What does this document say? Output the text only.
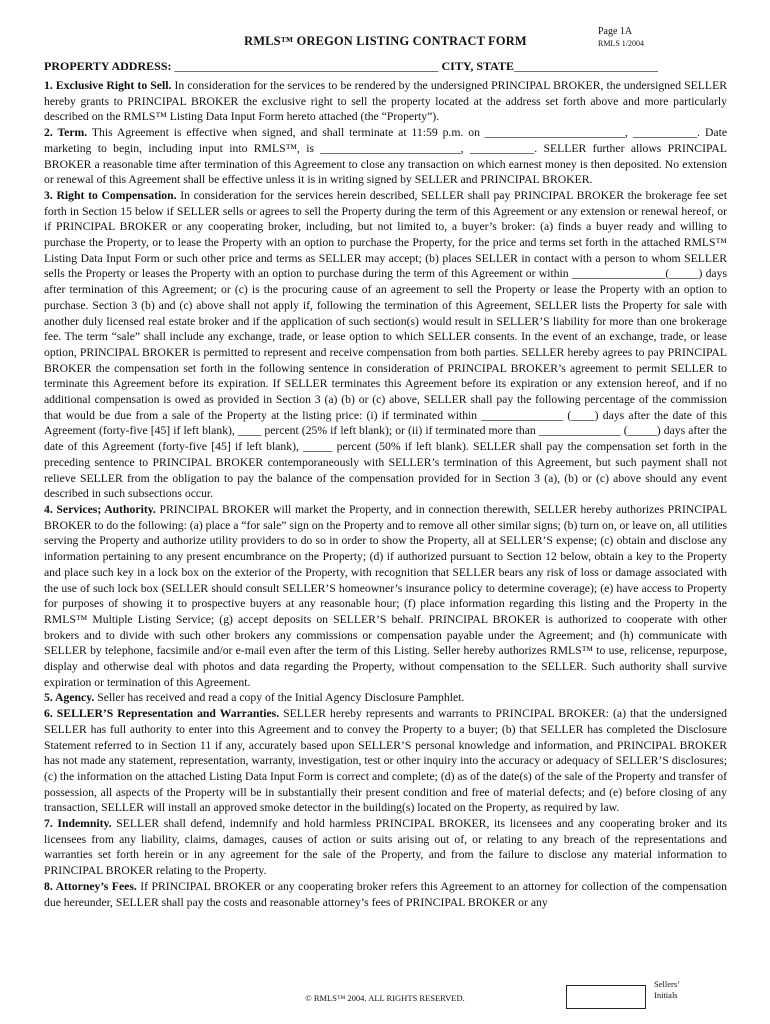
RMLS™ OREGON LISTING CONTRACT FORM
Page 1A
RMLS 1/2004
PROPERTY ADDRESS: ____________________________________________ CITY, STATE________________________

1. Exclusive Right to Sell. In consideration for the services to be rendered by the undersigned PRINCIPAL BROKER, the undersigned SELLER hereby grants to PRINCIPAL BROKER the exclusive right to sell the property located at the address set forth above and more particularly described on the RMLS™ Listing Data Input Form hereto attached (the “Property”).

2. Term. This Agreement is effective when signed, and shall terminate at 11:59 p.m. on ________________________, ___________. Date marketing to begin, including input into RMLS™, is ________________________, ___________. SELLER further allows PRINCIPAL BROKER a reasonable time after termination of this Agreement to close any transaction on which earnest money is then deposited. No extension or renewal of this Agreement shall be effective unless it is in writing signed by SELLER and PRINCIPAL BROKER.

3. Right to Compensation. In consideration for the services herein described, SELLER shall pay PRINCIPAL BROKER the brokerage fee set forth in Section 15 below if SELLER sells or agrees to sell the Property during the term of this Agreement or any extension or renewal hereof, or if PRINCIPAL BROKER or any cooperating broker, including, but not limited to, a buyer’s broker: (a) finds a buyer ready and willing to purchase the Property, or to lease the Property with an option to purchase the Property, for the price and terms set forth in the attached RMLS™ Listing Data Input Form or such other price and terms as SELLER may accept; (b) places SELLER in contact with a person to whom SELLER sells the Property or leases the Property with an option to purchase during the term of this Agreement or within ________________(_____) days after termination of this Agreement; or (c) is the procuring cause of an agreement to sell the Property or lease the Property with an option to purchase. Section 3 (b) and (c) above shall not apply if, following the termination of this Agreement, SELLER lists the Property for sale with another duly licensed real estate broker and if the application of such section(s) would result in SELLER’S liability for more than one brokerage fee. The term “sale” shall include any exchange, trade, or lease option to which SELLER consents. In the event of an exchange, trade, or lease option, PRINCIPAL BROKER is permitted to represent and receive compensation from both parties. SELLER hereby agrees to pay PRINCIPAL BROKER the compensation set forth in the following sentence in consideration of PRINCIPAL BROKER’s agreement to permit SELLER to terminate this Agreement before its expiration. If SELLER terminates this Agreement before its expiration or any extension hereof, and if no additional compensation is owed as provided in Section 3 (a) (b) or (c) above, SELLER shall pay the following percentage of the commission that would be due from a sale of the Property at the listing price: (i) if terminated within ______________ (____) days after the date of this Agreement (forty-five [45] if left blank), ____ percent (25% if left blank); or (ii) if terminated more than ______________ (_____) days after the date of this Agreement (forty-five [45] if left blank), _____ percent (50% if left blank). SELLER shall pay the compensation set forth in the preceding sentence to PRINCIPAL BROKER contemporaneously with SELLER’s termination of this Agreement, but such payment shall not relieve SELLER from the obligation to pay the balance of the compensation provided for in Section 3 (a), (b) or (c) above should any event described in such subsections occur.

4. Services; Authority. PRINCIPAL BROKER will market the Property, and in connection therewith, SELLER hereby authorizes PRINCIPAL BROKER to do the following: (a) place a “for sale” sign on the Property and to remove all other similar signs; (b) turn on, or leave on, all utilities serving the Property and authorize utility providers to do so in order to show the Property, all at SELLER’S expense; (c) obtain and disclose any information pertaining to any present encumbrance on the Property; (d) if authorized pursuant to Section 12 below, obtain a key to the Property and place such key in a lock box on the exterior of the Property, with recognition that SELLER bears any risk of loss or damage associated with the use of such lock box (SELLER should consult SELLER’S homeowner’s insurance policy to determine coverage); (e) have access to Property for purposes of showing it to prospective buyers at any reasonable hour; (f) place information regarding this listing and the Property in the RMLS™ Multiple Listing Service; (g) accept deposits on SELLER’S behalf. PRINCIPAL BROKER is authorized to cooperate with other brokers and to divide with such other brokers any commissions or compensation payable under the Agreement; and (h) communicate with SELLER by telephone, facsimile and/or e-mail even after the term of this Listing. Seller hereby authorizes RMLS™ to use, relicense, repurpose, display and otherwise deal with photos and data regarding the Property, without compensation to the SELLER. Such authority shall survive expiration or termination of this Agreement.

5. Agency. Seller has received and read a copy of the Initial Agency Disclosure Pamphlet.

6. SELLER’S Representation and Warranties. SELLER hereby represents and warrants to PRINCIPAL BROKER: (a) that the undersigned SELLER has full authority to enter into this Agreement and to convey the Property to a buyer; (b) that SELLER has completed the Disclosure Statement referred to in Section 11 if any, accurately based upon SELLER’S personal knowledge and information, and PRINCIPAL BROKER has not made any statement, representation, warranty, investigation, test or other inquiry into the accuracy or adequacy of SELLER’S disclosures; (c) the information on the attached Listing Data Input Form is correct and complete; (d) as of the date(s) of the sale of the Property and transfer of possession, all aspects of the Property will be in substantially their present condition and free of material defects; and (e) before closing of any transaction, SELLER will install an approved smoke detector in the building(s) located on the Property, as required by law.

7. Indemnity. SELLER shall defend, indemnify and hold harmless PRINCIPAL BROKER, its licensees and any cooperating broker and its licensees from any liability, claims, damages, causes of action or suits arising out of, or relating to any breach of the representations and warranties set forth herein or in any agreement for the sale of the Property, and from the failure to disclose any material information to PRINCIPAL BROKER relating to the Property.

8. Attorney’s Fees. If PRINCIPAL BROKER or any cooperating broker refers this Agreement to an attorney for collection of the compensation due hereunder, SELLER shall pay the costs and reasonable attorney’s fees of PRINCIPAL BROKER or any

© RMLS™ 2004. ALL RIGHTS RESERVED.
Sellers’
Initials
